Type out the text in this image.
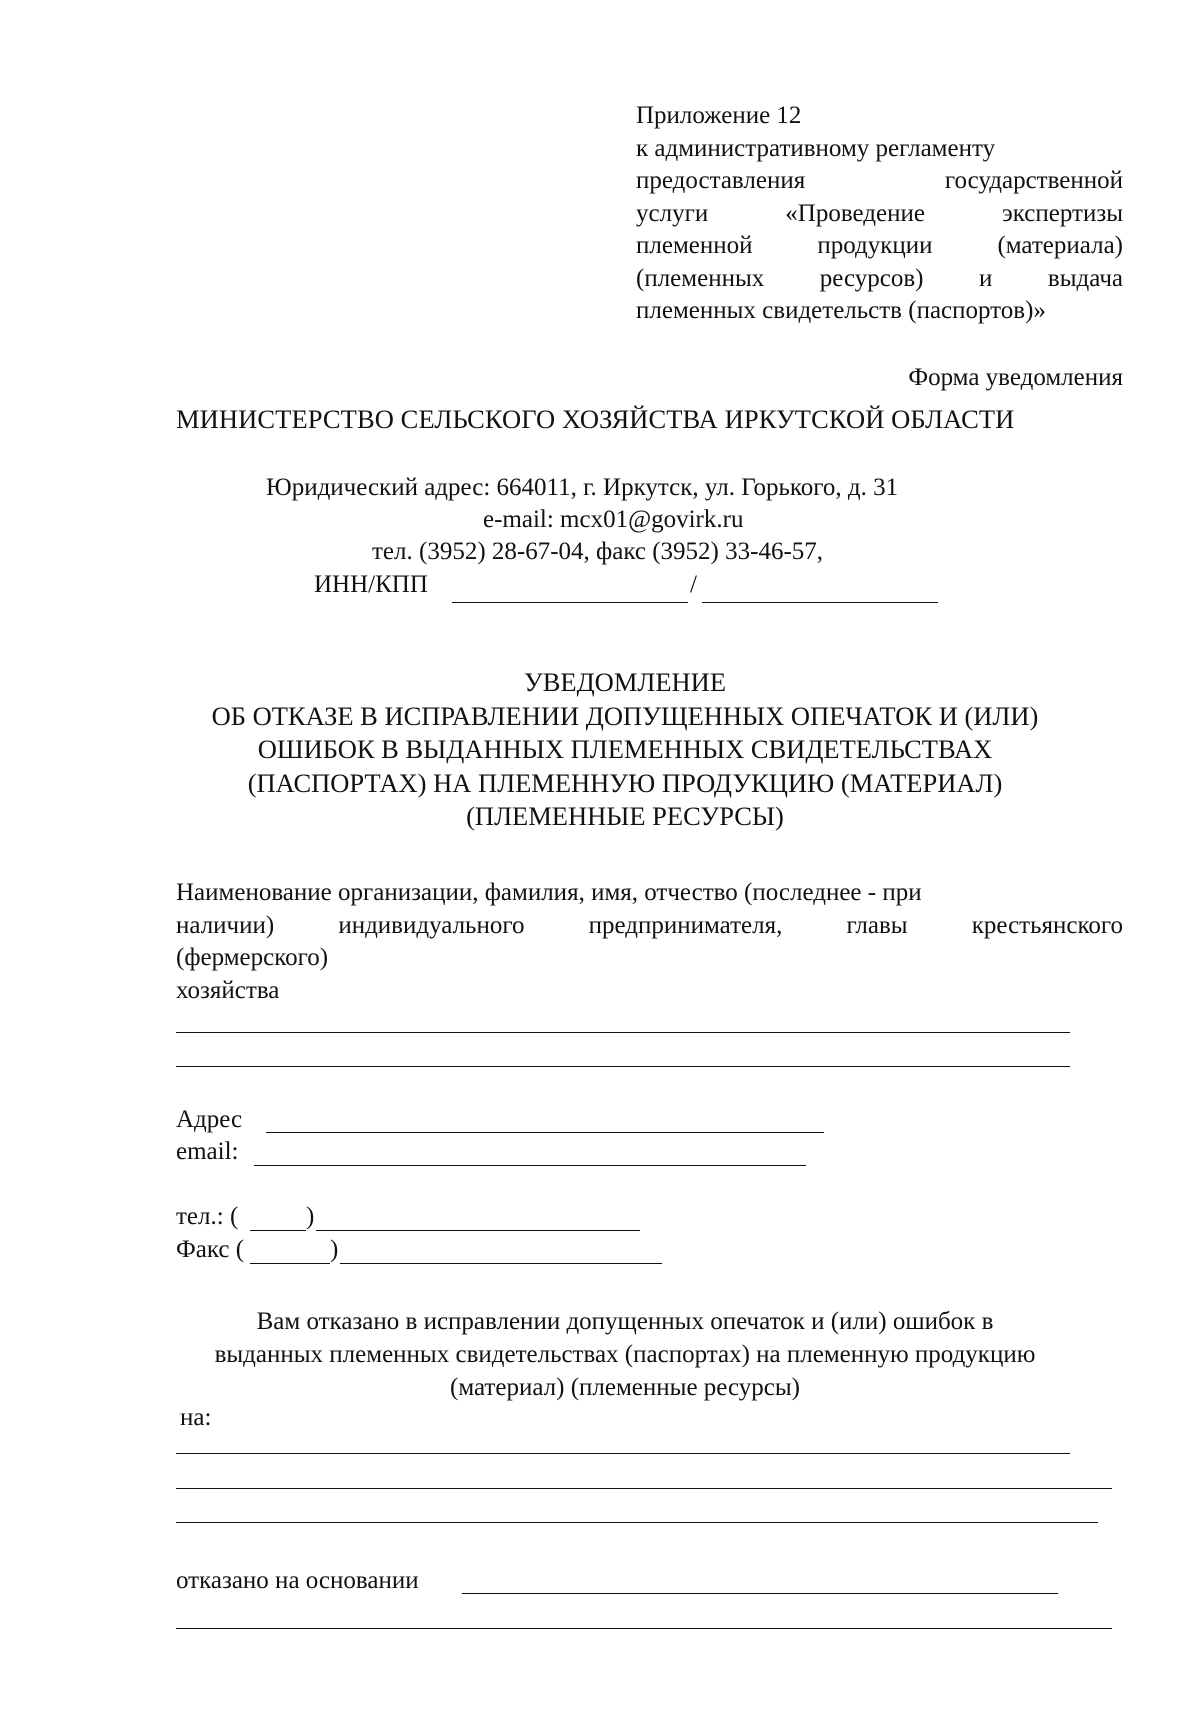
Приложение 12
к административному регламенту
предоставления государственной
услуги «Проведение экспертизы
племенной продукции (материала)
(племенных ресурсов) и выдача
племенных свидетельств (паспортов)»
Форма уведомления
МИНИСТЕРСТВО СЕЛЬСКОГО ХОЗЯЙСТВА ИРКУТСКОЙ ОБЛАСТИ
Юридический адрес: 664011, г. Иркутск, ул. Горького, д. 31
e-mail: mcx01@govirk.ru
тел. (3952) 28-67-04, факс (3952) 33-46-57,
ИНН/КПП	/
УВЕДОМЛЕНИЕ
ОБ ОТКАЗЕ В ИСПРАВЛЕНИИ ДОПУЩЕННЫХ ОПЕЧАТОК И (ИЛИ)
ОШИБОК В ВЫДАННЫХ ПЛЕМЕННЫХ СВИДЕТЕЛЬСТВАХ
(ПАСПОРТАХ) НА ПЛЕМЕННУЮ ПРОДУКЦИЮ (МАТЕРИАЛ)
(ПЛЕМЕННЫЕ РЕСУРСЫ)
Наименование организации, фамилия, имя, отчество (последнее - при
наличии) индивидуального предпринимателя, главы крестьянского
(фермерского)
хозяйства
Адрес
email:
тел.: (	)
Факс (	)
Вам отказано в исправлении допущенных опечаток и (или) ошибок в
выданных племенных свидетельствах (паспортах) на племенную продукцию
(материал) (племенные ресурсы)
на:
отказано на основании
